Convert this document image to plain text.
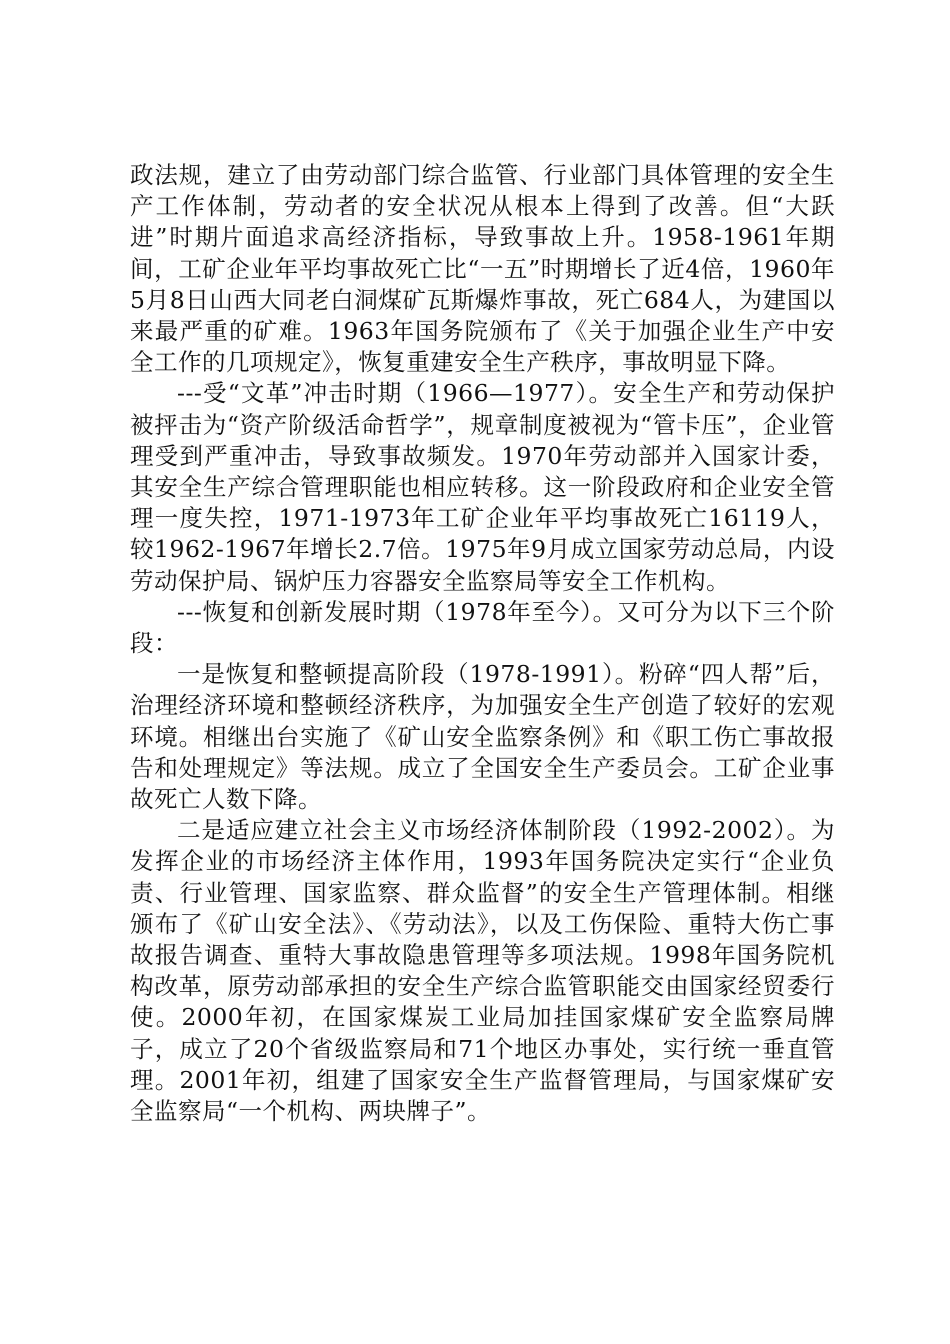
政法规，建立了由劳动部门综合监管、行业部门具体管理的安全生产工作体制，劳动者的安全状况从根本上得到了改善。但“大跃进”时期片面追求高经济指标，导致事故上升。1958-1961年期间，工矿企业年平均事故死亡比“一五”时期增长了近4倍，1960年5月8日山西大同老白洞煤矿瓦斯爆炸事故，死亡684人，为建国以来最严重的矿难。1963年国务院颁布了《关于加强企业生产中安全工作的几项规定》，恢复重建安全生产秩序，事故明显下降。

---受“文革”冲击时期（1966—1977）。安全生产和劳动保护被抨击为“资产阶级活命哲学”，规章制度被视为“管卡压”，企业管理受到严重冲击，导致事故频发。1970年劳动部并入国家计委，其安全生产综合管理职能也相应转移。这一阶段政府和企业安全管理一度失控，1971-1973年工矿企业年平均事故死亡16119人，较1962-1967年增长2.7倍。1975年9月成立国家劳动总局，内设劳动保护局、锅炉压力容器安全监察局等安全工作机构。

---恢复和创新发展时期（1978年至今）。又可分为以下三个阶段：

一是恢复和整顿提高阶段（1978-1991）。粉碎“四人帮”后，治理经济环境和整顿经济秩序，为加强安全生产创造了较好的宏观环境。相继出台实施了《矿山安全监察条例》和《职工伤亡事故报告和处理规定》等法规。成立了全国安全生产委员会。工矿企业事故死亡人数下降。

二是适应建立社会主义市场经济体制阶段（1992-2002）。为发挥企业的市场经济主体作用，1993年国务院决定实行“企业负责、行业管理、国家监察、群众监督”的安全生产管理体制。相继颁布了《矿山安全法》、《劳动法》，以及工伤保险、重特大伤亡事故报告调查、重特大事故隐患管理等多项法规。1998年国务院机构改革，原劳动部承担的安全生产综合监管职能交由国家经贸委行使。2000年初，在国家煤炭工业局加挂国家煤矿安全监察局牌子，成立了20个省级监察局和71个地区办事处，实行统一垂直管理。2001年初，组建了国家安全生产监督管理局，与国家煤矿安全监察局“一个机构、两块牌子”。
